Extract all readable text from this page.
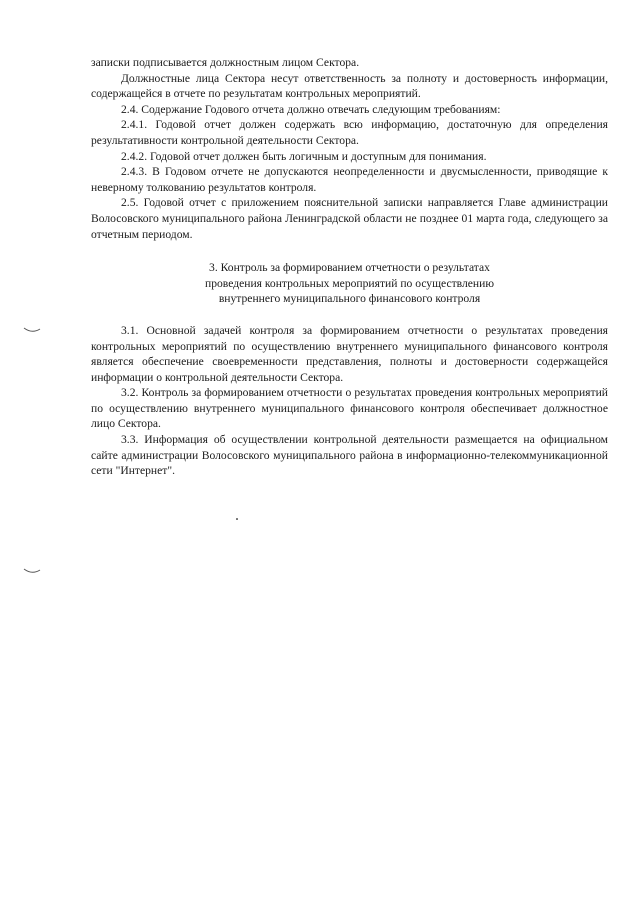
записки подписывается должностным лицом Сектора.

Должностные лица Сектора несут ответственность за полноту и достоверность информации, содержащейся в отчете по результатам контрольных мероприятий.

2.4. Содержание Годового отчета должно отвечать следующим требованиям:

2.4.1. Годовой отчет должен содержать всю информацию, достаточную для определения результативности контрольной деятельности Сектора.

2.4.2. Годовой отчет должен быть логичным и доступным для понимания.

2.4.3. В Годовом отчете не допускаются неопределенности и двусмысленности, приводящие к неверному толкованию результатов контроля.

2.5. Годовой отчет с приложением пояснительной записки направляется Главе администрации Волосовского муниципального района Ленинградской области не позднее 01 марта года, следующего за отчетным периодом.

3. Контроль за формированием отчетности о результатах

проведения контрольных мероприятий по осуществлению

внутреннего муниципального финансового контроля

3.1. Основной задачей контроля за формированием отчетности о результатах проведения контрольных мероприятий по осуществлению внутреннего муниципального финансового контроля является обеспечение своевременности представления, полноты и достоверности содержащейся информации о контрольной деятельности Сектора.

3.2. Контроль за формированием отчетности о результатах проведения контрольных мероприятий по осуществлению внутреннего муниципального финансового контроля обеспечивает должностное лицо Сектора.

3.3. Информация об осуществлении контрольной деятельности размещается на официальном сайте администрации Волосовского муниципального района в информационно-телекоммуникационной сети "Интернет".
